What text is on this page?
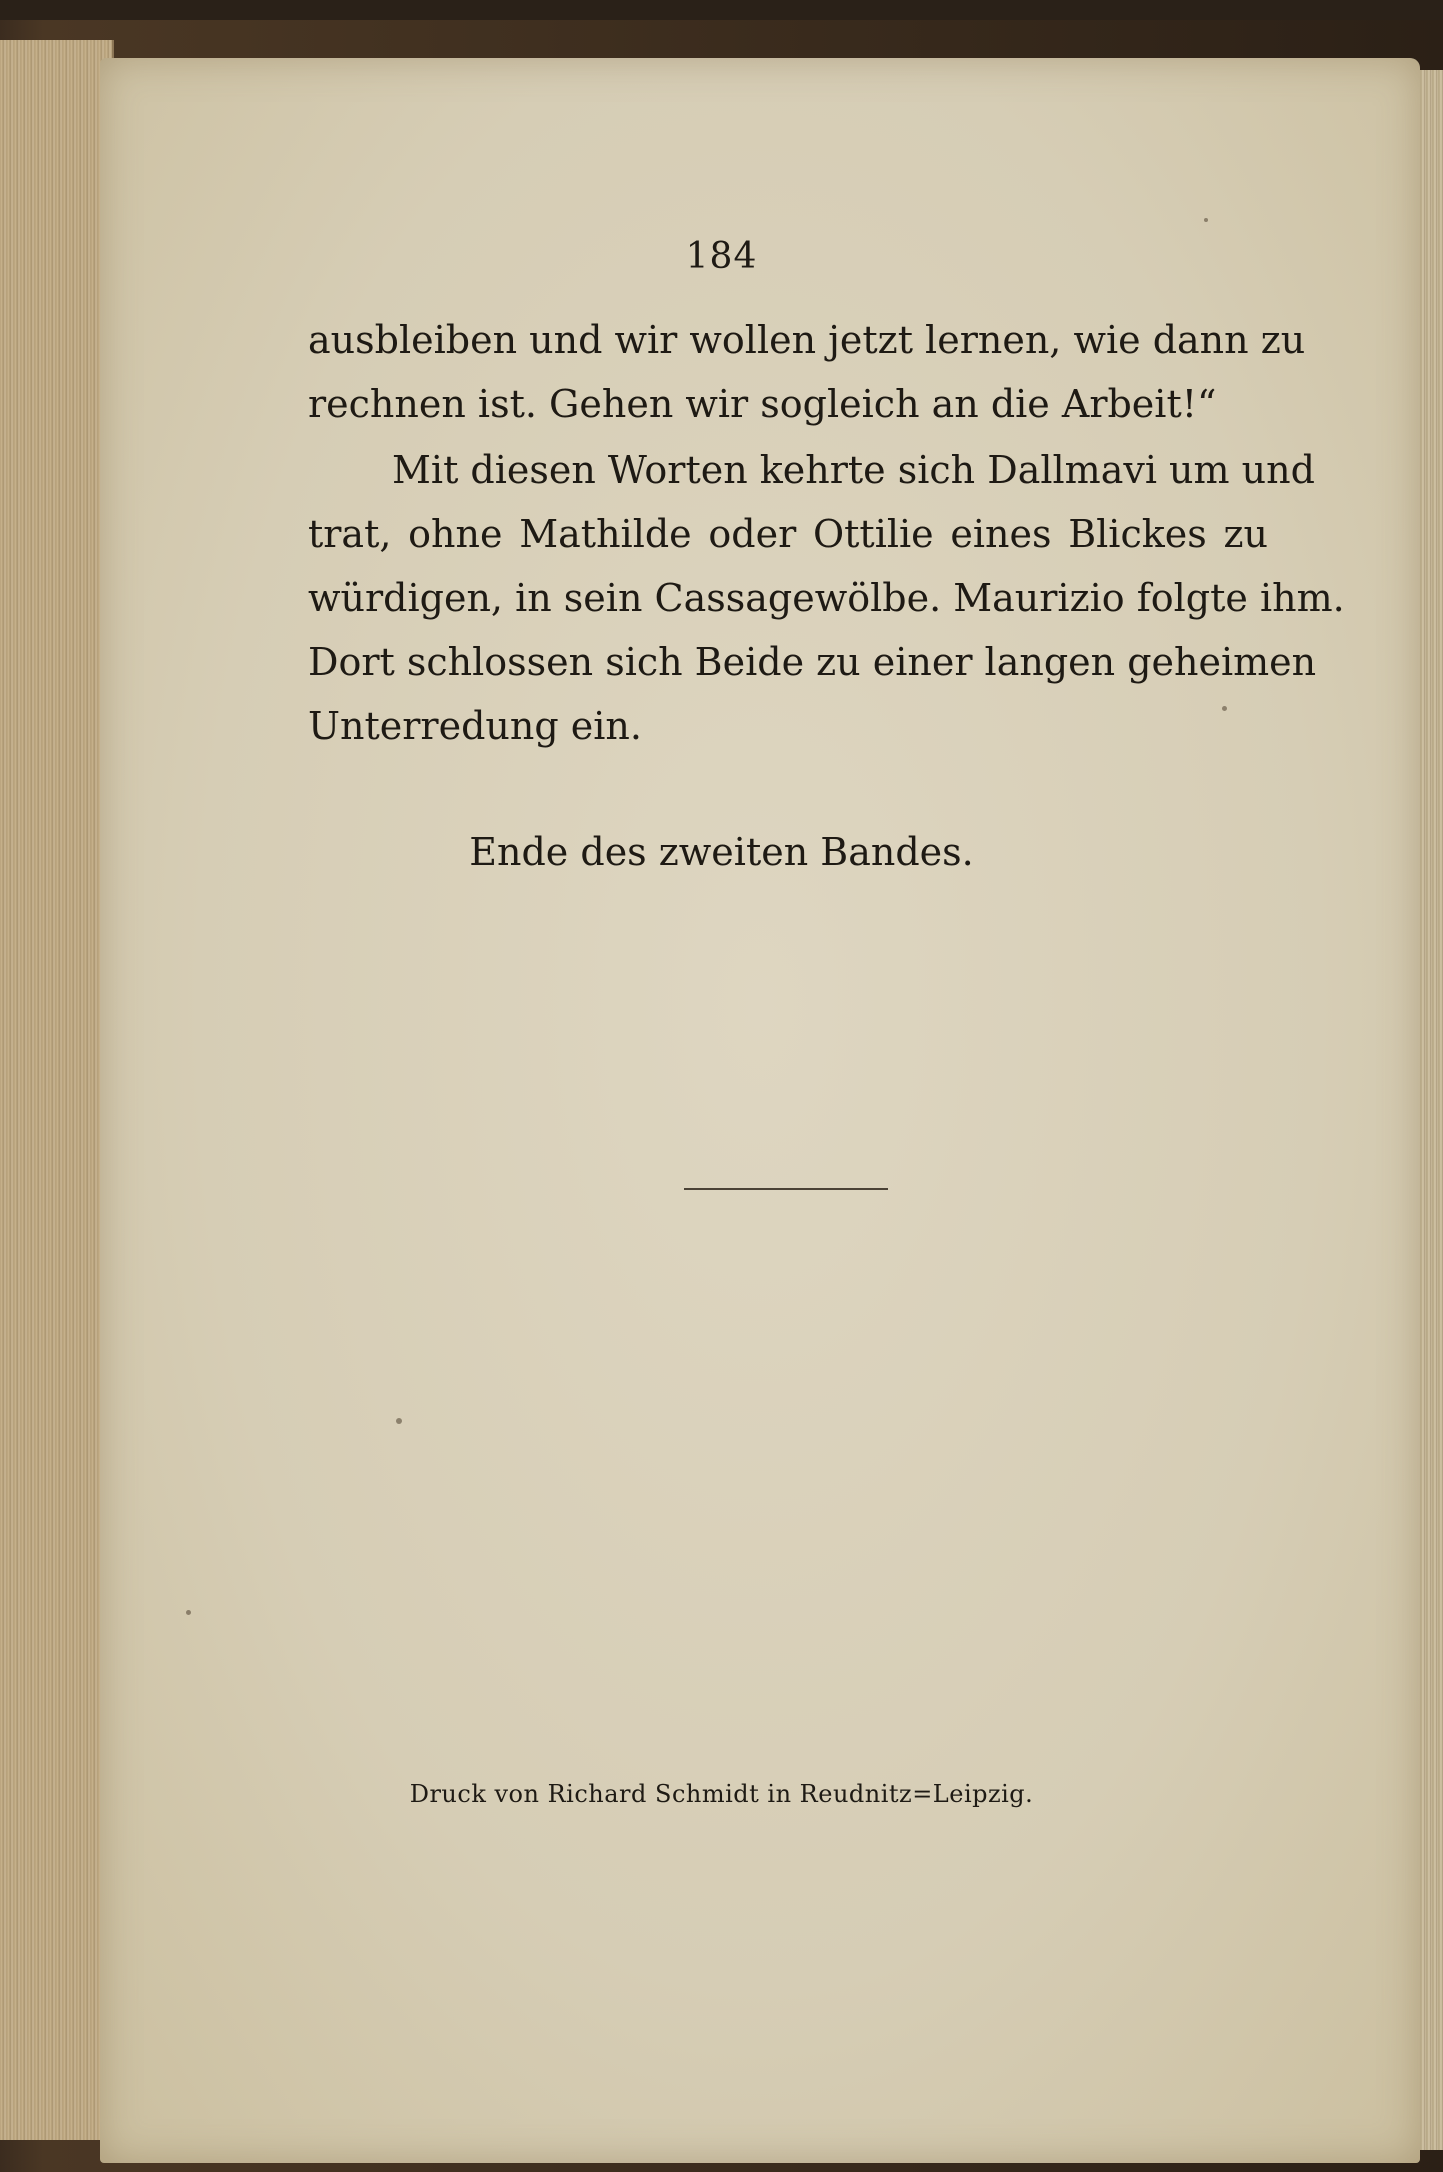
184
ausbleiben und wir wollen jetzt lernen, wie dann zu
rechnen ist. Gehen wir sogleich an die Arbeit!“
Mit diesen Worten kehrte sich Dallmavi um und
trat, ohne Mathilde oder Ottilie eines Blickes zu
würdigen, in sein Cassagewölbe. Maurizio folgte ihm.
Dort schlossen sich Beide zu einer langen geheimen
Unterredung ein.
Ende des zweiten Bandes.
Druck von Richard Schmidt in Reudnitz=Leipzig.
